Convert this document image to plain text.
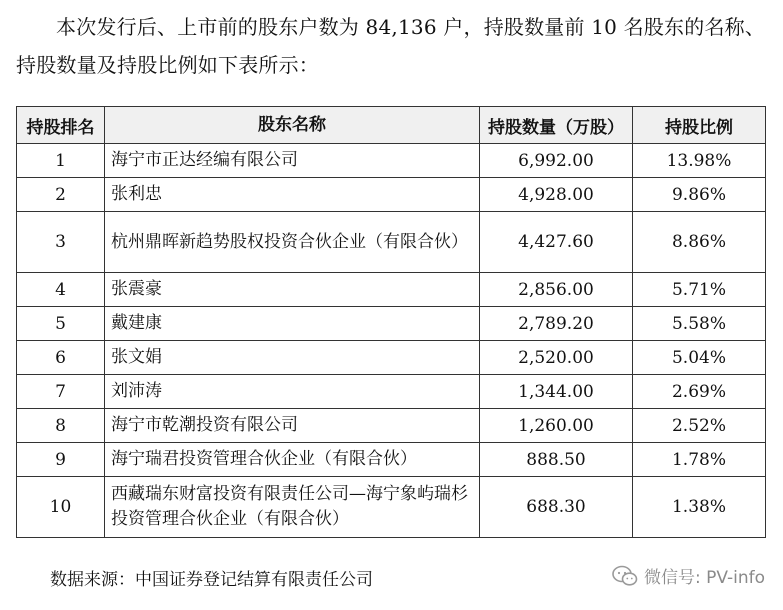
本次发行后、上市前的股东户数为 84,136 户，持股数量前 10 名股东的名称、
持股数量及持股比例如下表所示：
持股排名	股东名称	持股数量（万股）	持股比例
1	海宁市正达经编有限公司	6,992.00	13.98%
2	张利忠	4,928.00	9.86%
3	杭州鼎晖新趋势股权投资合伙企业（有限合伙）	4,427.60	8.86%
4	张震豪	2,856.00	5.71%
5	戴建康	2,789.20	5.58%
6	张文娟	2,520.00	5.04%
7	刘沛涛	1,344.00	2.69%
8	海宁市乾潮投资有限公司	1,260.00	2.52%
9	海宁瑞君投资管理合伙企业（有限合伙）	888.50	1.78%
10	西藏瑞东财富投资有限责任公司—海宁象屿瑞杉投资管理合伙企业（有限合伙）	688.30	1.38%
数据来源：中国证券登记结算有限责任公司	微信号: PV-info
